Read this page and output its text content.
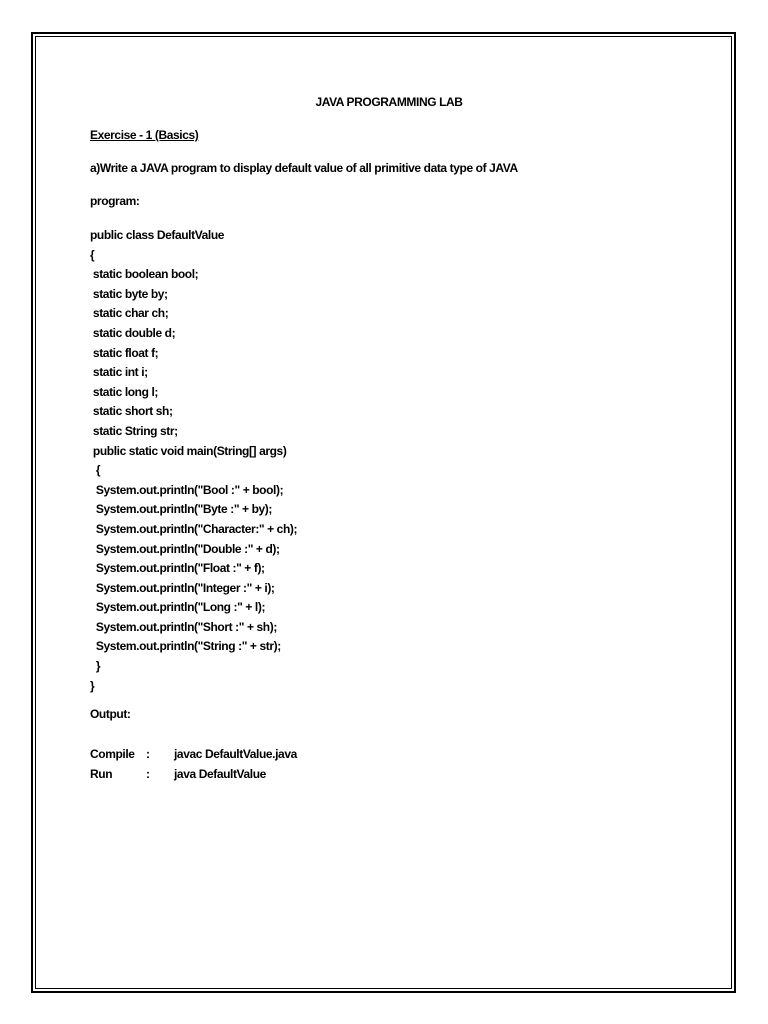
JAVA PROGRAMMING LAB
Exercise - 1 (Basics)
a)Write a JAVA program to display default value of all primitive data type of JAVA
program:
public class DefaultValue
{
static boolean bool;
static byte by;
static char ch;
static double d;
static float f;
static int i;
static long l;
static short sh;
static String str;
public static void main(String[] args)
{
System.out.println("Bool :" + bool);
System.out.println("Byte :" + by);
System.out.println("Character:" + ch);
System.out.println("Double :" + d);
System.out.println("Float :" + f);
System.out.println("Integer :" + i);
System.out.println("Long :" + l);
System.out.println("Short :" + sh);
System.out.println("String :" + str);
}
}
Output:
Compile : javac DefaultValue.java
Run	: java DefaultValue
